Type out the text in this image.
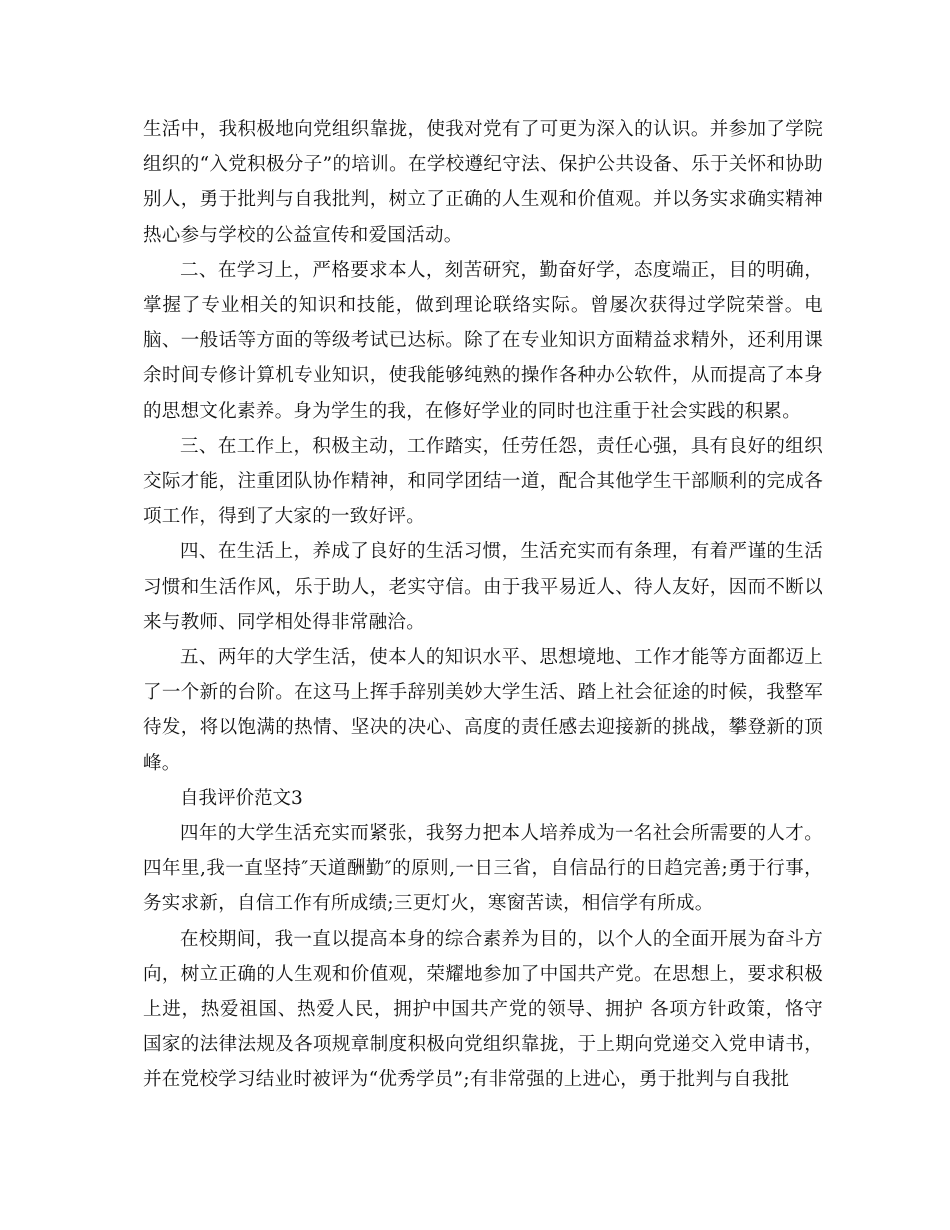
生活中，我积极地向党组织靠拢，使我对党有了可更为深入的认识。并参加了学院组织的“入党积极分子”的培训。在学校遵纪守法、保护公共设备、乐于关怀和协助别人，勇于批判与自我批判，树立了正确的人生观和价值观。并以务实求确实精神热心参与学校的公益宣传和爱国活动。

二、在学习上，严格要求本人，刻苦研究，勤奋好学，态度端正，目的明确，掌握了专业相关的知识和技能，做到理论联络实际。曾屡次获得过学院荣誉。电脑、一般话等方面的等级考试已达标。除了在专业知识方面精益求精外，还利用课余时间专修计算机专业知识，使我能够纯熟的操作各种办公软件，从而提高了本身的思想文化素养。身为学生的我，在修好学业的同时也注重于社会实践的积累。

三、在工作上，积极主动，工作踏实，任劳任怨，责任心强，具有良好的组织交际才能，注重团队协作精神，和同学团结一道，配合其他学生干部顺利的完成各项工作，得到了大家的一致好评。

四、在生活上，养成了良好的生活习惯，生活充实而有条理，有着严谨的生活习惯和生活作风，乐于助人，老实守信。由于我平易近人、待人友好，因而不断以来与教师、同学相处得非常融洽。

五、两年的大学生活，使本人的知识水平、思想境地、工作才能等方面都迈上了一个新的台阶。在这马上挥手辞别美妙大学生活、踏上社会征途的时候，我整军待发，将以饱满的热情、坚决的决心、高度的责任感去迎接新的挑战，攀登新的顶峰。

自我评价范文3

四年的大学生活充实而紧张，我努力把本人培养成为一名社会所需要的人才。四年里,我一直坚持″天道酬勤″的原则,一日三省，自信品行的日趋完善;勇于行事，务实求新，自信工作有所成绩;三更灯火，寒窗苦读，相信学有所成。

在校期间，我一直以提高本身的综合素养为目的，以个人的全面开展为奋斗方向，树立正确的人生观和价值观，荣耀地参加了中国共产党。在思想上，要求积极上进，热爱祖国、热爱人民，拥护中国共产党的领导、拥护 各项方针政策，恪守国家的法律法规及各项规章制度积极向党组织靠拢，于上期向党递交入党申请书，并在党校学习结业时被评为“优秀学员”;有非常强的上进心，勇于批判与自我批
